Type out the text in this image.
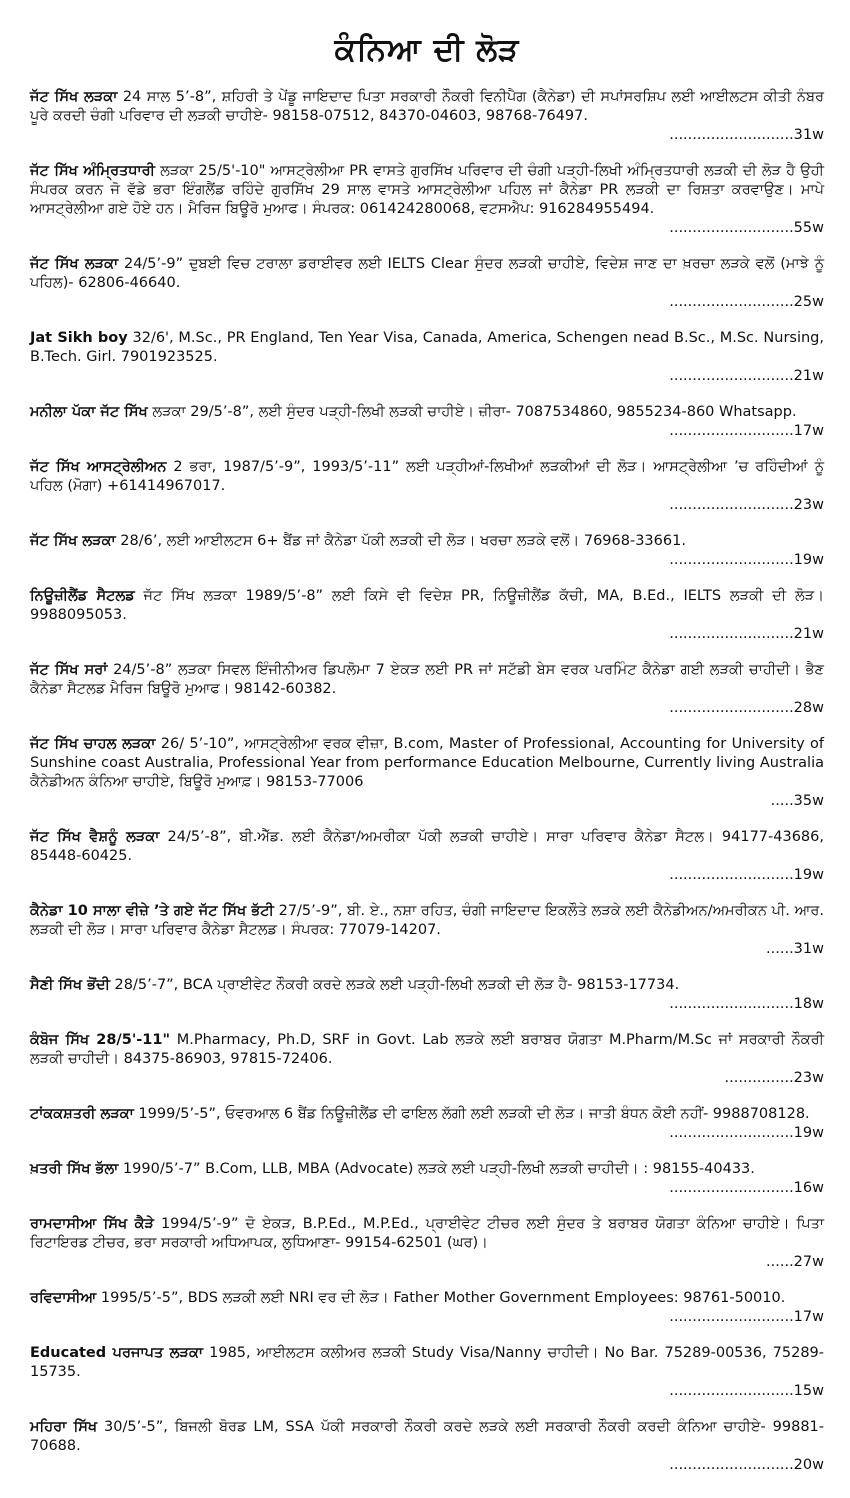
ਕੰਨਿਆ ਦੀ ਲੋੜ

ਜੱਟ ਸਿੱਖ ਲੜਕਾ 24 ਸਾਲ 5’-8”, ਸ਼ਹਿਰੀ ਤੇ ਪੇਂਡੂ ਜਾਇਦਾਦ ਪਿਤਾ ਸਰਕਾਰੀ ਨੌਕਰੀ ਵਿਨੀਪੈਗ (ਕੈਨੇਡਾ) ਦੀ ਸਪਾਂਸਰਸ਼ਿਪ ਲਈ ਆਈਲਟਸ ਕੀਤੀ ਨੰਬਰ ਪੂਰੇ ਕਰਦੀ ਚੰਗੀ ਪਰਿਵਾਰ ਦੀ ਲੜਕੀ ਚਾਹੀਏ- 98158-07512, 84370-04603, 98768-76497.
...........................31w

ਜੱਟ ਸਿੱਖ ਅੰਮ੍ਰਿਤਧਾਰੀ ਲੜਕਾ 25/5'-10" ਆਸਟ੍ਰੇਲੀਆ PR ਵਾਸਤੇ ਗੁਰਸਿੱਖ ਪਰਿਵਾਰ ਦੀ ਚੰਗੀ ਪੜ੍ਹੀ-ਲਿਖੀ ਅੰਮ੍ਰਿਤਧਾਰੀ ਲੜਕੀ ਦੀ ਲੋੜ ਹੈ ਉਹੀ ਸੰਪਰਕ ਕਰਨ ਜੋ ਵੱਡੇ ਭਰਾ ਇੰਗਲੈਂਡ ਰਹਿੰਦੇ ਗੁਰਸਿੱਖ 29 ਸਾਲ ਵਾਸਤੇ ਆਸਟ੍ਰੇਲੀਆ ਪਹਿਲ ਜਾਂ ਕੈਨੇਡਾ PR ਲੜਕੀ ਦਾ ਰਿਸ਼ਤਾ ਕਰਵਾਉਣ। ਮਾਪੇ ਆਸਟ੍ਰੇਲੀਆ ਗਏ ਹੋਏ ਹਨ। ਮੈਰਿਜ ਬਿਊਰੋ ਮੁਆਫ। ਸੰਪਰਕ: 061424280068, ਵਟਸਐਪ: 916284955494.
...........................55w

ਜੱਟ ਸਿੱਖ ਲੜਕਾ 24/5’-9” ਦੁਬਈ ਵਿਚ ਟਰਾਲਾ ਡਰਾਈਵਰ ਲਈ IELTS Clear ਸੁੰਦਰ ਲੜਕੀ ਚਾਹੀਏ, ਵਿਦੇਸ਼ ਜਾਣ ਦਾ ਖ਼ਰਚਾ ਲੜਕੇ ਵਲੋਂ (ਮਾਝੇ ਨੂੰ ਪਹਿਲ)- 62806-46640.
...........................25w

Jat Sikh boy 32/6', M.Sc., PR England, Ten Year Visa, Canada, America, Schengen nead B.Sc., M.Sc. Nursing, B.Tech. Girl. 7901923525.
...........................21w

ਮਨੀਲਾ ਪੱਕਾ ਜੱਟ ਸਿੱਖ ਲੜਕਾ 29/5’-8”, ਲਈ ਸੁੰਦਰ ਪੜ੍ਹੀ-ਲਿਖੀ ਲੜਕੀ ਚਾਹੀਏ। ਜ਼ੀਰਾ- 7087534860, 9855234-860 Whatsapp.
...........................17w

ਜੱਟ ਸਿੱਖ ਆਸਟ੍ਰੇਲੀਅਨ 2 ਭਰਾ, 1987/5’-9”, 1993/5’-11” ਲਈ ਪੜ੍ਹੀਆਂ-ਲਿਖੀਆਂ ਲੜਕੀਆਂ ਦੀ ਲੋੜ। ਆਸਟ੍ਰੇਲੀਆ ’ਚ ਰਹਿੰਦੀਆਂ ਨੂੰ ਪਹਿਲ (ਮੋਗਾ) +61414967017.
...........................23w

ਜੱਟ ਸਿੱਖ ਲੜਕਾ 28/6’, ਲਈ ਆਈਲਟਸ 6+ ਬੈਂਡ ਜਾਂ ਕੈਨੇਡਾ ਪੱਕੀ ਲੜਕੀ ਦੀ ਲੋੜ। ਖਰਚਾ ਲੜਕੇ ਵਲੋਂ। 76968-33661.
...........................19w

ਨਿਊਜ਼ੀਲੈਂਡ ਸੈਟਲਡ ਜੱਟ ਸਿੱਖ ਲੜਕਾ 1989/5’-8” ਲਈ ਕਿਸੇ ਵੀ ਵਿਦੇਸ਼ PR, ਨਿਊਜ਼ੀਲੈਂਡ ਕੱਚੀ, MA, B.Ed., IELTS ਲੜਕੀ ਦੀ ਲੋੜ। 9988095053.
...........................21w

ਜੱਟ ਸਿੱਖ ਸਰਾਂ 24/5’-8” ਲੜਕਾ ਸਿਵਲ ਇੰਜੀਨੀਅਰ ਡਿਪਲੋਮਾ 7 ਏਕੜ ਲਈ PR ਜਾਂ ਸਟੱਡੀ ਬੇਸ ਵਰਕ ਪਰਮਿੰਟ ਕੈਨੇਡਾ ਗਈ ਲੜਕੀ ਚਾਹੀਦੀ। ਭੈਣ ਕੈਨੇਡਾ ਸੈਟਲਡ ਮੈਰਿਜ ਬਿਊਰੋ ਮੁਆਫ। 98142-60382.
...........................28w

ਜੱਟ ਸਿੱਖ ਚਾਹਲ ਲੜਕਾ 26/ 5’-10”, ਆਸਟ੍ਰੇਲੀਆ ਵਰਕ ਵੀਜ਼ਾ, B.com, Master of Professional, Accounting for University of Sunshine coast Australia, Professional Year from performance Education Melbourne, Currently living Australia ਕੈਨੇਡੀਅਨ ਕੰਨਿਆ ਚਾਹੀਏ, ਬਿਊਰੋ ਮੁਆਫ਼। 98153-77006
.....35w

ਜੱਟ ਸਿੱਖ ਵੈਸ਼ਨੂੰ ਲੜਕਾ 24/5’-8”, ਬੀ.ਐੱਡ. ਲਈ ਕੈਨੇਡਾ/ਅਮਰੀਕਾ ਪੱਕੀ ਲੜਕੀ ਚਾਹੀਏ। ਸਾਰਾ ਪਰਿਵਾਰ ਕੈਨੇਡਾ ਸੈਟਲ। 94177-43686, 85448-60425.
...........................19w

ਕੈਨੇਡਾ 10 ਸਾਲਾ ਵੀਜ਼ੇ ’ਤੇ ਗਏ ਜੱਟ ਸਿੱਖ ਭੱਟੀ 27/5’-9”, ਬੀ. ਏ., ਨਸ਼ਾ ਰਹਿਤ, ਚੰਗੀ ਜਾਇਦਾਦ ਇਕਲੌਤੇ ਲੜਕੇ ਲਈ ਕੈਨੇਡੀਅਨ/ਅਮਰੀਕਨ ਪੀ. ਆਰ. ਲੜਕੀ ਦੀ ਲੋੜ। ਸਾਰਾ ਪਰਿਵਾਰ ਕੈਨੇਡਾ ਸੈਟਲਡ। ਸੰਪਰਕ: 77079-14207.
......31w

ਸੈਣੀ ਸਿੱਖ ਭੋਂਦੀ 28/5’-7”, BCA ਪ੍ਰਾਈਵੇਟ ਨੌਕਰੀ ਕਰਦੇ ਲੜਕੇ ਲਈ ਪੜ੍ਹੀ-ਲਿਖੀ ਲੜਕੀ ਦੀ ਲੋੜ ਹੈ- 98153-17734.
...........................18w

ਕੰਬੋਜ ਸਿੱਖ 28/5'-11" M.Pharmacy, Ph.D, SRF in Govt. Lab ਲੜਕੇ ਲਈ ਬਰਾਬਰ ਯੋਗਤਾ M.Pharm/M.Sc ਜਾਂ ਸਰਕਾਰੀ ਨੌਕਰੀ ਲੜਕੀ ਚਾਹੀਦੀ। 84375-86903, 97815-72406.
...............23w

ਟਾਂਕਕਸ਼ਤਰੀ ਲੜਕਾ 1999/5’-5”, ਓਵਰਆਲ 6 ਬੈਂਡ ਨਿਊਜ਼ੀਲੈਂਡ ਦੀ ਫਾਇਲ ਲੱਗੀ ਲਈ ਲੜਕੀ ਦੀ ਲੋੜ। ਜਾਤੀ ਬੰਧਨ ਕੋਈ ਨਹੀਂ- 9988708128.
...........................19w

ਖ਼ਤਰੀ ਸਿੱਖ ਭੱਲਾ 1990/5’-7” B.Com, LLB, MBA (Advocate) ਲੜਕੇ ਲਈ ਪੜ੍ਹੀ-ਲਿਖੀ ਲੜਕੀ ਚਾਹੀਦੀ। : 98155-40433.
...........................16w

ਰਾਮਦਾਸੀਆ ਸਿੱਖ ਕੈੜੇ 1994/5’-9” ਦੋ ਏਕੜ, B.P.Ed., M.P.Ed., ਪ੍ਰਾਈਵੇਟ ਟੀਚਰ ਲਈ ਸੁੰਦਰ ਤੇ ਬਰਾਬਰ ਯੋਗਤਾ ਕੰਨਿਆ ਚਾਹੀਏ। ਪਿਤਾ ਰਿਟਾਇਰਡ ਟੀਚਰ, ਭਰਾ ਸਰਕਾਰੀ ਅਧਿਆਪਕ, ਲੁਧਿਆਣਾ- 99154-62501 (ਘਰ)।
......27w

ਰਵਿਦਾਸੀਆ 1995/5’-5”, BDS ਲੜਕੀ ਲਈ NRI ਵਰ ਦੀ ਲੋੜ। Father Mother Government Employees: 98761-50010.
...........................17w

Educated ਪਰਜਾਪਤ ਲੜਕਾ 1985, ਆਈਲਟਸ ਕਲੀਅਰ ਲੜਕੀ Study Visa/Nanny ਚਾਹੀਦੀ। No Bar. 75289-00536, 75289-15735.
...........................15w

ਮਹਿਰਾ ਸਿੱਖ 30/5’-5”, ਬਿਜਲੀ ਬੋਰਡ LM, SSA ਪੱਕੀ ਸਰਕਾਰੀ ਨੌਕਰੀ ਕਰਦੇ ਲੜਕੇ ਲਈ ਸਰਕਾਰੀ ਨੌਕਰੀ ਕਰਦੀ ਕੰਨਿਆ ਚਾਹੀਏ- 99881-70688.
...........................20w
